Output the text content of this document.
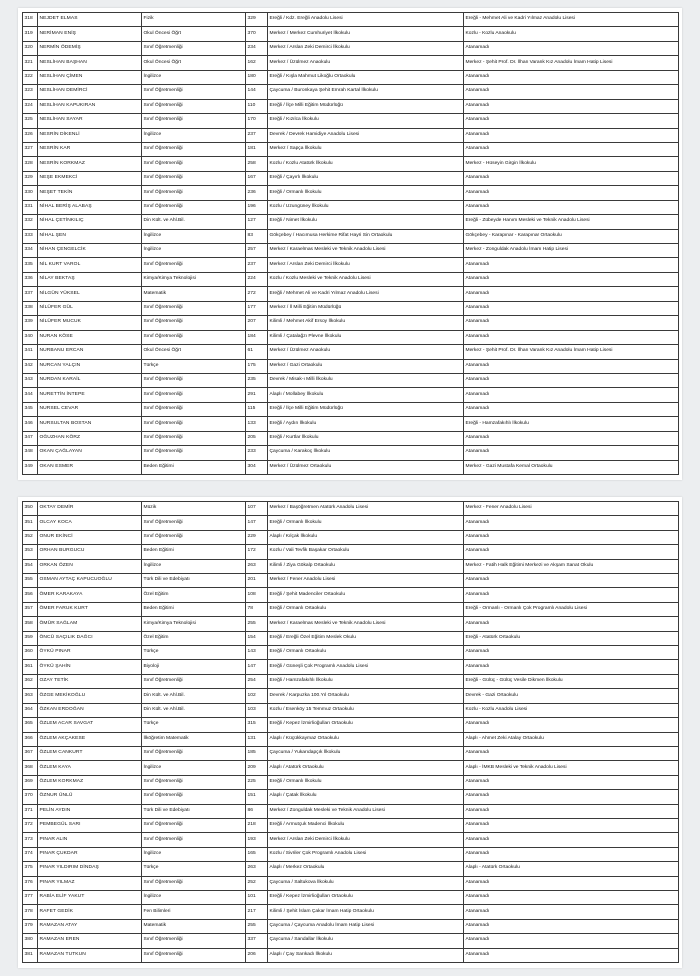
318	NEJDET ELMAS	Fizik	329	Ereğli / Kdz. Ereğli Anadolu Lisesi	Ereğli - Mehmet Ali ve Kadri Yılmaz Anadolu Lisesi
319	NERİMAN ENİŞ	Okul Öncesi Öğrt	370	Merkez / Merkez Cumhuriyet İlkokulu	Kozlu - Kozlu Anaokulu
320	NERMİN ÖDEMİŞ	Sınıf Öğretmenliği	234	Merkez / Arslan Zeki Demirci İlkokulu	Atanamadı
321	NESLİHAN BAŞHAN	Okul Öncesi Öğrt	162	Merkez / Üzülmez Anaokulu	Merkez - Şehit Prof. Dr. İlhan Varank Kız Anadolu İmam Hatip Lisesi
322	NESLİHAN ÇİMEN	İngilizce	180	Ereğli / Kışla Mahmut Likoğlu Ortaokulu	Atanamadı
323	NESLİHAN DEMİRCİ	Sınıf Öğretmenliği	144	Çaycuma / Buronkaya Şehit Emrah Kartal İlkokulu	Atanamadı
324	NESLİHAN KAPUKIRAN	Sınıf Öğretmenliği	110	Ereğli / İlçe Milli Eğitim Müdürlüğü	Atanamadı
325	NESLİHAN SAYAR	Sınıf Öğretmenliği	170	Ereğli / Kızılca İlkokulu	Atanamadı
326	NESRİN DİKENLİ	İngilizce	237	Devrek / Devrek Hamidiye Anadolu Lisesi	Atanamadı
327	NESRİN KAR	Sınıf Öğretmenliği	181	Merkez / Sapça İlkokulu	Atanamadı
328	NESRİN KORKMAZ	Sınıf Öğretmenliği	258	Kozlu / Kozlu Atatürk İlkokulu	Merkez - Hüseyin Girgin İlkokulu
329	NEŞE EKMEKCİ	Sınıf Öğretmenliği	167	Ereğli / Çayırlı İlkokulu	Atanamadı
330	NEŞET TEKİN	Sınıf Öğretmenliği	236	Ereğli / Ormanlı İlkokulu	Atanamadı
331	NİHAL BERİŞ ALABAŞ	Sınıf Öğretmenliği	196	Kozlu / Uzungüney İlkokulu	Atanamadı
332	NİHAL ÇETİNKILIÇ	Din Kült. ve Ahl.Bil.	127	Ereğli / Nimet İlkokulu	Ereğli - Zübeyde Hanım Mesleki ve Teknik Anadolu Lisesi
333	NİHAL ŞEN	İngilizce	83	Gökçebey / Hacımusa Herkime Rifat Hayri Sin Ortaokulu	Gökçebey - Karapınar - Karapınar Ortaokulu
334	NİHAN ÇENGELCİK	İngilizce	257	Merkez / Karaelmas Mesleki ve Teknik Anadolu Lisesi	Merkez - Zonguldak Anadolu İmam Hatip Lisesi
335	NİL KURT VAROL	Sınıf Öğretmenliği	237	Merkez / Arslan Zeki Demirci İlkokulu	Atanamadı
336	NİLAY BEKTAŞ	Kimya/Kimya Teknolojisi	224	Kozlu / Kozlu Mesleki ve Teknik Anadolu Lisesi	Atanamadı
337	NİLGÜN YÜKSEL	Matematik	272	Ereğli / Mehmet Ali ve Kadri Yılmaz Anadolu Lisesi	Atanamadı
338	NİLÜFER GÜL	Sınıf Öğretmenliği	177	Merkez / İl Milli Eğitim Müdürlüğü	Atanamadı
339	NİLÜFER MUCUK	Sınıf Öğretmenliği	207	Kilimli / Mehmet Akif Ersoy İlkokulu	Atanamadı
340	NURAN KÖSE	Sınıf Öğretmenliği	184	Kilimli / Çatalağzı Plevne İlkokulu	Atanamadı
341	NURBANU ERCAN	Okul Öncesi Öğrt	61	Merkez / Üzülmez Anaokulu	Merkez - Şehit Prof. Dr. İlhan Varank Kız Anadolu İmam Hatip Lisesi
342	NURCAN YALÇIN	Türkçe	175	Merkez / Gazi Ortaokulu	Atanamadı
343	NURDAN KARAİL	Sınıf Öğretmenliği	235	Devrek / Misak-ı Milli İlkokulu	Atanamadı
344	NURETTİN İNTEPE	Sınıf Öğretmenliği	291	Alaplı / Mollabey İlkokulu	Atanamadı
345	NURSEL CEVAR	Sınıf Öğretmenliği	115	Ereğli / İlçe Milli Eğitim Müdürlüğü	Atanamadı
346	NURSULTAN BOSTAN	Sınıf Öğretmenliği	133	Ereğli / Aydın İlkokulu	Ereğli - Hamzafakıhlı İlkokulu
347	OĞUZHAN KÖRZ	Sınıf Öğretmenliği	205	Ereğli / Kurtlar İlkokulu	Atanamadı
348	OKAN ÇAĞLAYAN	Sınıf Öğretmenliği	233	Çaycuma / Karakoç İlkokulu	Atanamadı
349	OKAN ESMER	Beden Eğitimi	304	Merkez / Üzülmez Ortaokulu	Merkez - Gazi Mustafa Kemal Ortaokulu
350	OKTAY DEMİR	Müzik	107	Merkez / Başöğretmen Atatürk Anadolu Lisesi	Merkez - Fener Anadolu Lisesi
351	OLCAY KOCA	Sınıf Öğretmenliği	147	Ereğli / Ormanlı İlkokulu	Atanamadı
352	ONUR EKİNCİ	Sınıf Öğretmenliği	229	Alaplı / Kılçak İlkokulu	Atanamadı
353	ORHAN BURGUCU	Beden Eğitimi	172	Kozlu / Vali Tevfik Başakar Ortaokulu	Atanamadı
354	ORKAN ÖZEN	İngilizce	263	Kilimli / Ziya Gökalp Ortaokulu	Merkez - Fatih Halk Eğitimi Merkezi ve Akşam Sanat Okulu
355	OSMAN AYTAÇ KAPUCUOĞLU	Türk Dili ve Edebiyatı	201	Merkez / Fener Anadolu Lisesi	Atanamadı
356	ÖMER KARAKAYA	Özel Eğitim	108	Ereğli / Şehit Madenciler Ortaokulu	Atanamadı
357	ÖMER FARUK KURT	Beden Eğitimi	78	Ereğli / Ormanlı Ortaokulu	Ereğli - Ormanlı - Ormanlı Çok Programlı Anadolu Lisesi
358	ÖMÜR SAĞLAM	Kimya/Kimya Teknolojisi	255	Merkez / Karaelmas Mesleki ve Teknik Anadolu Lisesi	Atanamadı
359	ÖNCÜ SAÇILIK DAĞCI	Özel Eğitim	154	Ereğli / Ereğli Özel Eğitim Meslek Okulu	Ereğli - Atatürk Ortaokulu
360	ÖYKÜ PINAR	Türkçe	143	Ereğli / Ormanlı Ortaokulu	Atanamadı
361	ÖYKÜ ŞAHİN	Biyoloji	147	Ereğli / Güneşli Çok Programlı Anadolu Lisesi	Atanamadı
362	OZAY TETİK	Sınıf Öğretmenliği	254	Ereğli / Hamzafakıhlı İlkokulu	Ereğli - Gülüç - Gülüç Vesile Dikmen İlkokulu
363	ÖZGE MEKİKOĞLU	Din Kült. ve Ahl.Bil.	102	Devrek / Karpuzka 100.Yıl Ortaokulu	Devrek - Gazi Ortaokulu
364	ÖZKAN ERDOĞAN	Din Kült. ve Ahl.Bil.	103	Kozlu / Esenköy 15 Temmuz Ortaokulu	Kozlu - Kozlu Anadolu Lisesi
365	ÖZLEM ACAR SAVGAT	Türkçe	315	Ereğli / Kepez İzmirlioğulları Ortaokulu	Atanamadı
366	ÖZLEM AKÇAKESE	İlköğretim Matematik	131	Alaplı / Küçükkaymaz Ortaokulu	Alaplı - Ahmet Zeki Atalay Ortaokulu
367	ÖZLEM CANKURT	Sınıf Öğretmenliği	185	Çaycuma / Yukarıdapçık İlkokulu	Atanamadı
368	ÖZLEM KAYA	İngilizce	209	Alaplı / Atatürk Ortaokulu	Alaplı - İMKB Mesleki ve Teknik Anadolu Lisesi
369	ÖZLEM KORKMAZ	Sınıf Öğretmenliği	225	Ereğli / Ormanlı İlkokulu	Atanamadı
370	ÖZNUR ÜNLÜ	Sınıf Öğretmenliği	151	Alaplı / Çatak İlkokulu	Atanamadı
371	PELİN AYDIN	Türk Dili ve Edebiyatı	86	Merkez / Zonguldak Mesleki ve Teknik Anadolu Lisesi	Atanamadı
372	PEMBEGÜL SARI	Sınıf Öğretmenliği	218	Ereğli / Armutçuk Madenci İlkokulu	Atanamadı
373	PINAR ALIN	Sınıf Öğretmenliği	193	Merkez / Arslan Zeki Demirci İlkokulu	Atanamadı
374	PINAR ÇUKDAR	İngilizce	165	Kozlu / Sivriler Çok Programlı Anadolu Lisesi	Atanamadı
375	PINAR YILDIRIM DİNDAŞ	Türkçe	263	Alaplı / Merkez Ortaokulu	Alaplı - Atatürk Ortaokulu
376	PINAR YILMAZ	Sınıf Öğretmenliği	252	Çaycuma / Saltukova İlkokulu	Atanamadı
377	RABİA ELİF YAKUT	İngilizce	101	Ereğli / Kepez İzmirlioğulları Ortaokulu	Atanamadı
378	RAFET GEDİK	Fen Bilimleri	217	Kilimli / Şehit İslam Çakar İmam Hatip Ortaokulu	Atanamadı
379	RAMAZAN ATAY	Matematik	255	Çaycuma / Çaycuma Anadolu İmam Hatip Lisesi	Atanamadı
380	RAMAZAN EREN	Sınıf Öğretmenliği	337	Çaycuma / Sandallar İlkokulu	Atanamadı
381	RAMAZAN TUTKUN	Sınıf Öğretmenliği	206	Alaplı / Çay Sarıkadı İlkokulu	Atanamadı
